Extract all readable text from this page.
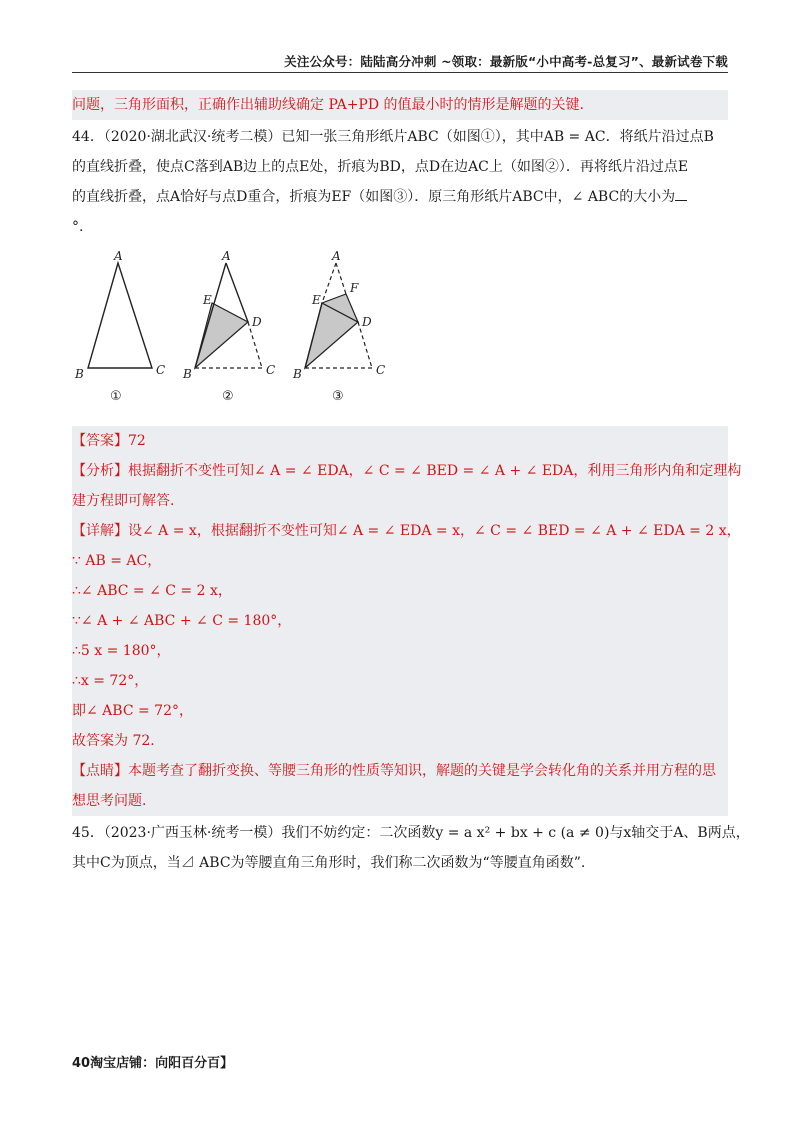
关注公众号：陆陆高分冲刺 ~领取：最新版“小中高考-总复习”、最新试卷下载
问题，三角形面积，正确作出辅助线确定 PA+PD 的值最小时的情形是解题的关键.
44．（2020·湖北武汉·统考二模）已知一张三角形纸片ABC（如图①），其中AB = AC．将纸片沿过点B
的直线折叠，使点C落到AB边上的点E处，折痕为BD，点D在边AC上（如图②）．再将纸片沿过点E
的直线折叠，点A恰好与点D重合，折痕为EF（如图③）．原三角形纸片ABC中，∠ ABC的大小为
°.
A
B	C
①
A
E
D
B	C
②
A
E
F
D
B	C
③
【答案】72
【分析】根据翻折不变性可知∠ A = ∠ EDA，∠ C = ∠ BED = ∠ A + ∠ EDA，利用三角形内角和定理构
建方程即可解答.
【详解】设∠ A = x，根据翻折不变性可知∠ A = ∠ EDA = x，∠ C = ∠ BED = ∠ A + ∠ EDA = 2 x，
∵ AB = AC，
∴∠ ABC = ∠ C = 2 x，
∵∠ A + ∠ ABC + ∠ C = 180°，
∴5 x = 180°，
∴x = 72°，
即∠ ABC = 72°，
故答案为 72.
【点睛】本题考查了翻折变换、等腰三角形的性质等知识，解题的关键是学会转化角的关系并用方程的思
想思考问题.
45．（2023·广西玉林·统考一模）我们不妨约定：二次函数y = a x² + bx + c (a ≠ 0)与x轴交于A、B两点，
其中C为顶点，当⊿ ABC为等腰直角三角形时，我们称二次函数为“等腰直角函数”.
40淘宝店铺：向阳百分百】
